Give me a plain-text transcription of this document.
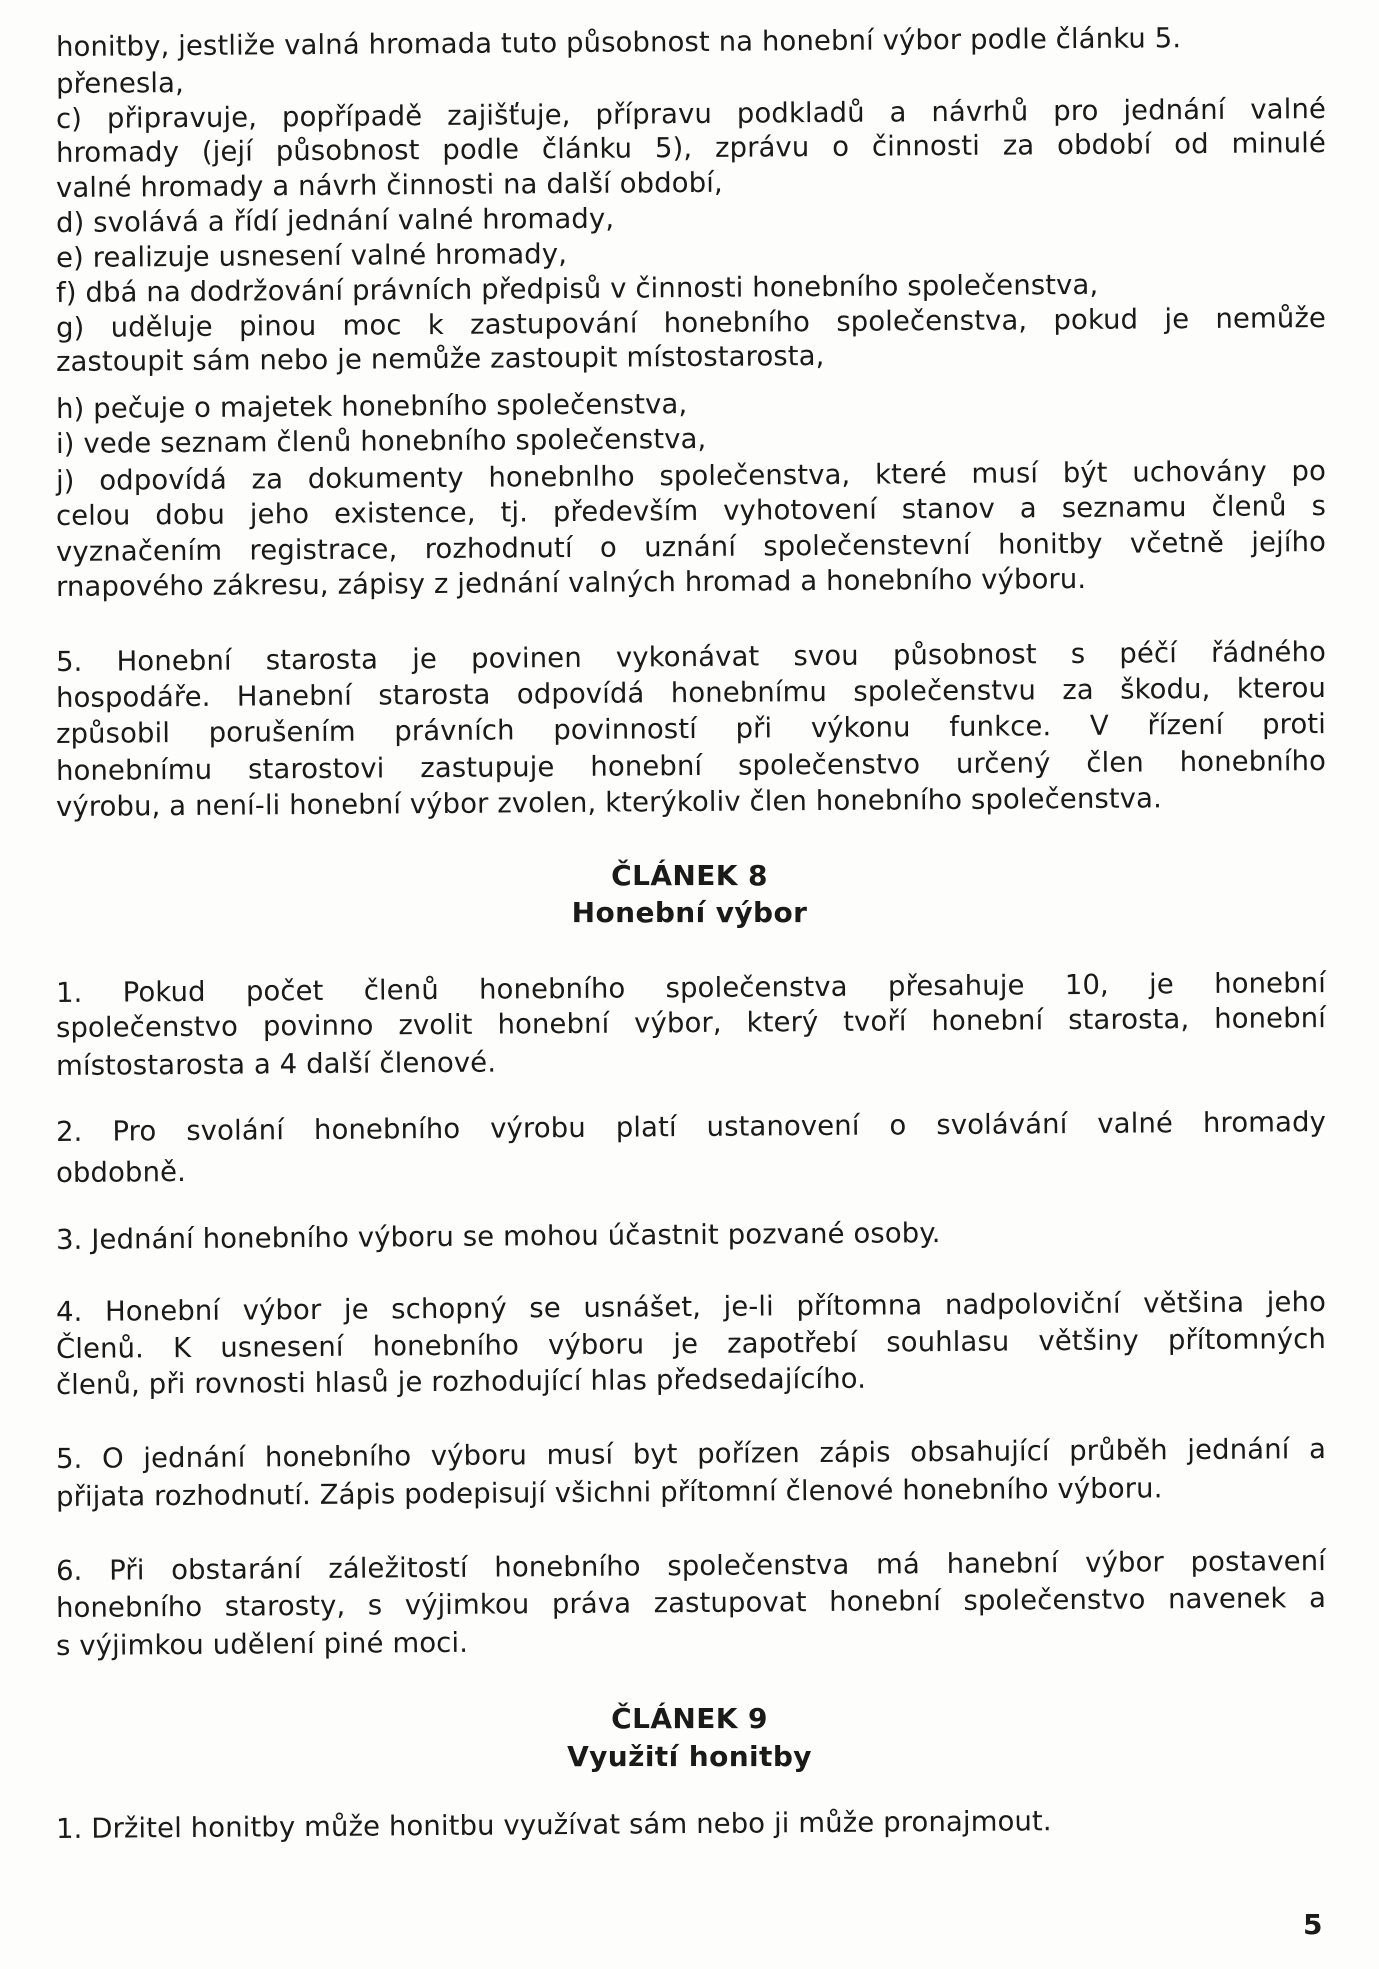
honitby, jestliže valná hromada tuto působnost na honební výbor podle článku 5.

přenesla,

c) připravuje, popřípadě zajišťuje, přípravu podkladů a návrhů pro jednání valné

hromady (její působnost podle článku 5), zprávu o činnosti za období od minulé

valné hromady a návrh činnosti na další období,

d) svolává a řídí jednání valné hromady,

e) realizuje usnesení valné hromady,

f) dbá na dodržování právních předpisů v činnosti honebního společenstva,

g) uděluje pinou moc k zastupování honebního společenstva, pokud je nemůže

zastoupit sám nebo je nemůže zastoupit místostarosta,

h) pečuje o majetek honebního společenstva,

i) vede seznam členů honebního společenstva,

j) odpovídá za dokumenty honebnlho společenstva, které musí být uchovány po

celou dobu jeho existence, tj. především vyhotovení stanov a seznamu členů s

vyznačením registrace, rozhodnutí o uznání společenstevní honitby včetně jejího

rnapového zákresu, zápisy z jednání valných hromad a honebního výboru.

5. Honební starosta je povinen vykonávat svou působnost s péčí řádného

hospodáře. Hanební starosta odpovídá honebnímu společenstvu za škodu, kterou

způsobil porušením právních povinností při výkonu funkce. V řízení proti

honebnímu starostovi zastupuje honební společenstvo určený člen honebního

výrobu, a není-li honební výbor zvolen, kterýkoliv člen honebního společenstva.

ČLÁNEK 8

Honební výbor

1. Pokud počet členů honebního společenstva přesahuje 10, je honební

společenstvo povinno zvolit honební výbor, který tvoří honební starosta, honební

místostarosta a 4 další členové.

2. Pro svolání honebního výrobu platí ustanovení o svolávání valné hromady

obdobně.

3. Jednání honebního výboru se mohou účastnit pozvané osoby.

4. Honební výbor je schopný se usnášet, je-li přítomna nadpoloviční většina jeho

Členů. K usnesení honebního výboru je zapotřebí souhlasu většiny přítomných

členů, při rovnosti hlasů je rozhodující hlas předsedajícího.

5. O jednání honebního výboru musí byt pořízen zápis obsahující průběh jednání a

přijata rozhodnutí. Zápis podepisují všichni přítomní členové honebního výboru.

6. Při obstarání záležitostí honebního společenstva má hanební výbor postavení

honebního starosty, s výjimkou práva zastupovat honební společenstvo navenek a

s výjimkou udělení piné moci.

ČLÁNEK 9

Využití honitby

1. Držitel honitby může honitbu využívat sám nebo ji může pronajmout.

5
